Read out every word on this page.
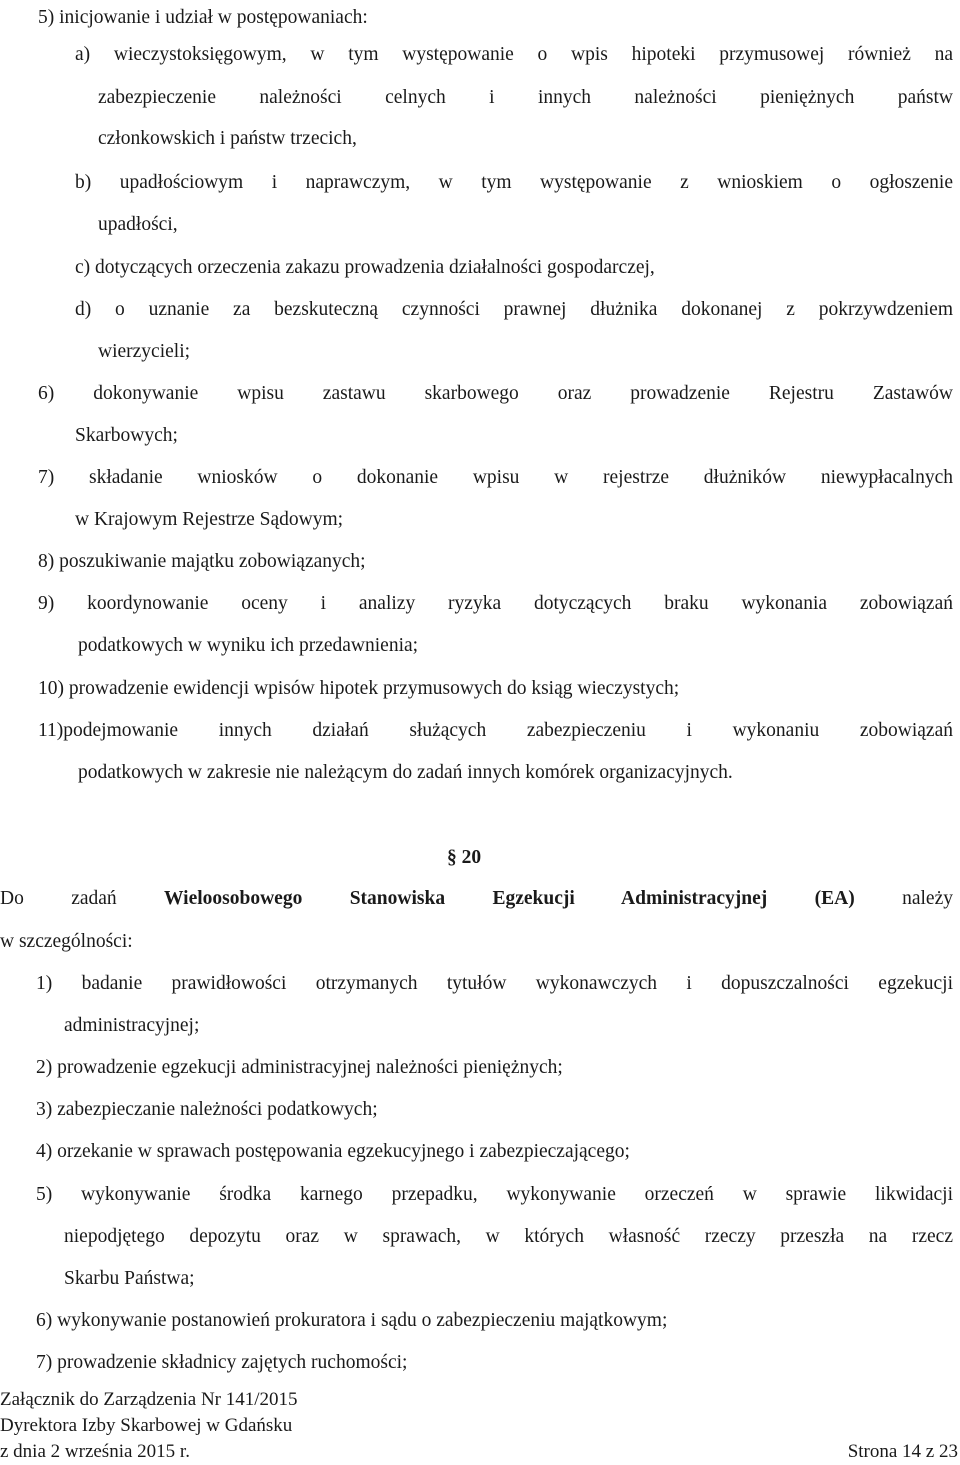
5) inicjowanie i udział w postępowaniach:
a) wieczystoksięgowym, w tym występowanie o wpis hipoteki przymusowej również na
zabezpieczenie należności celnych i innych należności pieniężnych państw
członkowskich i państw trzecich,
b) upadłościowym i naprawczym, w tym występowanie z wnioskiem o ogłoszenie
upadłości,
c) dotyczących orzeczenia zakazu prowadzenia działalności gospodarczej,
d) o uznanie za bezskuteczną czynności prawnej dłużnika dokonanej z pokrzywdzeniem
wierzycieli;
6) dokonywanie wpisu zastawu skarbowego oraz prowadzenie Rejestru Zastawów
Skarbowych;
7) składanie wniosków o dokonanie wpisu w rejestrze dłużników niewypłacalnych
w Krajowym Rejestrze Sądowym;
8) poszukiwanie majątku zobowiązanych;
9) koordynowanie oceny i analizy ryzyka dotyczących braku wykonania zobowiązań
podatkowych w wyniku ich przedawnienia;
10) prowadzenie ewidencji wpisów hipotek przymusowych do ksiąg wieczystych;
11)podejmowanie innych działań służących zabezpieczeniu i wykonaniu zobowiązań
podatkowych w zakresie nie należącym do zadań innych komórek organizacyjnych.
§ 20
Do zadań Wieloosobowego Stanowiska Egzekucji Administracyjnej (EA) należy
w szczególności:
1) badanie prawidłowości otrzymanych tytułów wykonawczych i dopuszczalności egzekucji
administracyjnej;
2) prowadzenie egzekucji administracyjnej należności pieniężnych;
3) zabezpieczanie należności podatkowych;
4) orzekanie w sprawach postępowania egzekucyjnego i zabezpieczającego;
5) wykonywanie środka karnego przepadku, wykonywanie orzeczeń w sprawie likwidacji
niepodjętego depozytu oraz w sprawach, w których własność rzeczy przeszła na rzecz
Skarbu Państwa;
6) wykonywanie postanowień prokuratora i sądu o zabezpieczeniu majątkowym;
7) prowadzenie składnicy zajętych ruchomości;
Załącznik do Zarządzenia Nr 141/2015
Dyrektora Izby Skarbowej w Gdańsku
z dnia 2 września 2015 r.	Strona 14 z 23
